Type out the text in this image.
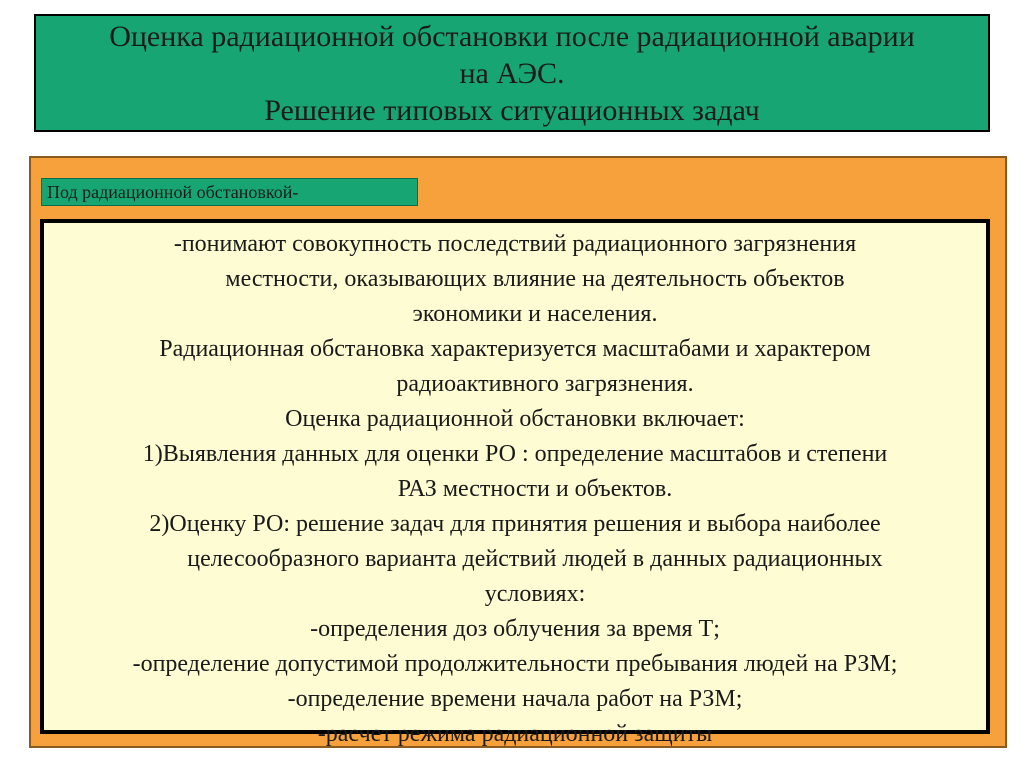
Оценка радиационной обстановки после радиационной аварии
на АЭС.
Решение типовых ситуационных задач
Под радиационной обстановкой-

-понимают совокупность последствий радиационного загрязнения

местности, оказывающих влияние на деятельность объектов

экономики и населения.

Радиационная обстановка характеризуется масштабами и характером

радиоактивного загрязнения.

Оценка радиационной обстановки включает:

1)Выявления данных для оценки РО : определение масштабов и степени

РАЗ местности и объектов.

2)Оценку РО: решение задач для принятия решения и выбора наиболее

целесообразного варианта действий людей в данных радиационных

условиях:

-определения доз облучения за время Т;

-определение допустимой продолжительности пребывания людей на РЗМ;

-определение времени начала работ на РЗМ;

-расчет режима радиационной защиты
